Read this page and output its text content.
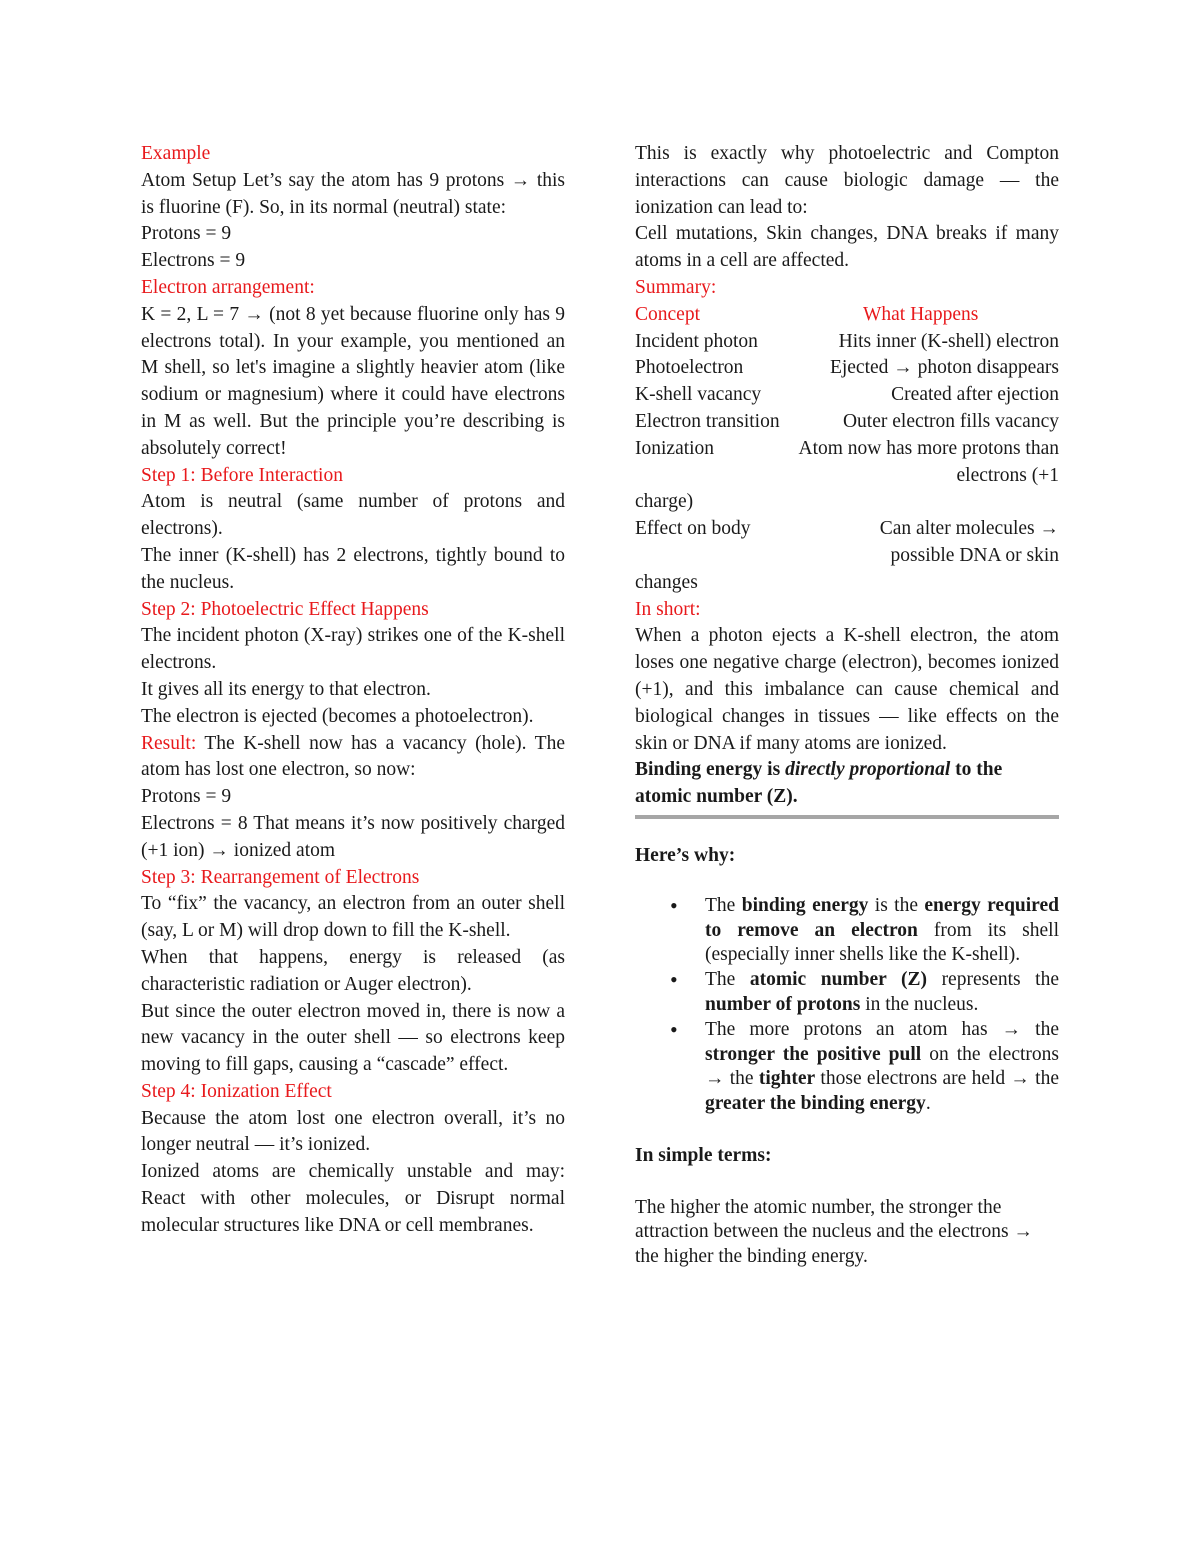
Example

Atom Setup Let’s say the atom has 9 protons → this is fluorine (F). So, in its normal (neutral) state:

Protons = 9

Electrons = 9

Electron arrangement:

K = 2, L = 7 → (not 8 yet because fluorine only has 9 electrons total). In your example, you mentioned an M shell, so let's imagine a slightly heavier atom (like sodium or magnesium) where it could have electrons in M as well. But the principle you’re describing is absolutely correct!

Step 1: Before Interaction

Atom is neutral (same number of protons and electrons).

The inner (K-shell) has 2 electrons, tightly bound to the nucleus.

Step 2: Photoelectric Effect Happens

The incident photon (X-ray) strikes one of the K-shell electrons.

It gives all its energy to that electron.

The electron is ejected (becomes a photoelectron).

Result: The K-shell now has a vacancy (hole). The atom has lost one electron, so now:

Protons = 9

Electrons = 8 That means it’s now positively charged (+1 ion) → ionized atom

Step 3: Rearrangement of Electrons

To “fix” the vacancy, an electron from an outer shell (say, L or M) will drop down to fill the K-shell.

When that happens, energy is released (as characteristic radiation or Auger electron).

But since the outer electron moved in, there is now a new vacancy in the outer shell — so electrons keep moving to fill gaps, causing a “cascade” effect.

Step 4: Ionization Effect

Because the atom lost one electron overall, it’s no longer neutral — it’s ionized.

Ionized atoms are chemically unstable and may: React with other molecules, or Disrupt normal molecular structures like DNA or cell membranes.

This is exactly why photoelectric and Compton interactions can cause biologic damage — the ionization can lead to:

Cell mutations, Skin changes, DNA breaks if many atoms in a cell are affected.

Summary:

Concept	What Happens
Incident photon	Hits inner (K-shell) electron
Photoelectron	Ejected → photon disappears
K-shell vacancy	Created after ejection
Electron transition	Outer electron fills vacancy
Ionization	Atom now has more protons than
electrons (+1
charge)
Effect on body	Can alter molecules →
possible DNA or skin
changes

In short:

When a photon ejects a K-shell electron, the atom loses one negative charge (electron), becomes ionized (+1), and this imbalance can cause chemical and biological changes in tissues — like effects on the skin or DNA if many atoms are ionized.

Binding energy is directly proportional to the atomic number (Z).

Here’s why:

• The binding energy is the energy required to remove an electron from its shell (especially inner shells like the K-shell).
• The atomic number (Z) represents the number of protons in the nucleus.
• The more protons an atom has → the stronger the positive pull on the electrons → the tighter those electrons are held → the greater the binding energy.

In simple terms:

The higher the atomic number, the stronger the attraction between the nucleus and the electrons → the higher the binding energy.
